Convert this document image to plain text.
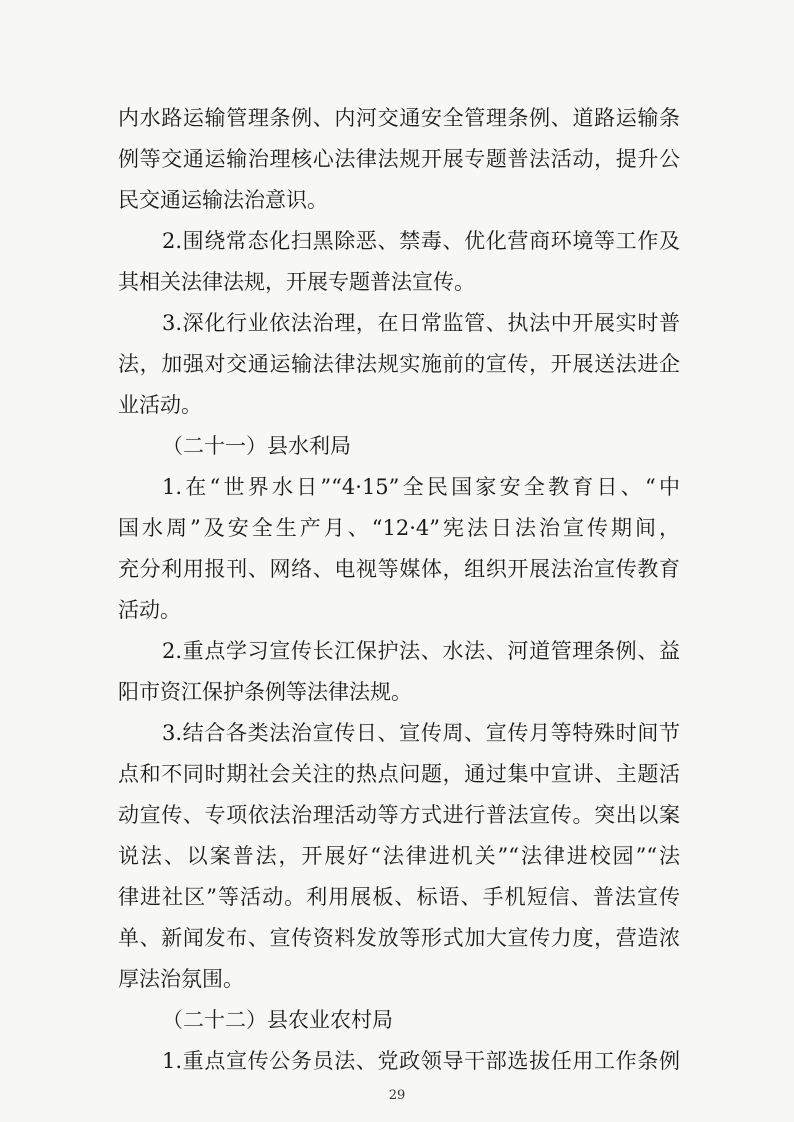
内水路运输管理条例、内河交通安全管理条例、道路运输条
例等交通运输治理核心法律法规开展专题普法活动，提升公
民交通运输法治意识。
2.围绕常态化扫黑除恶、禁毒、优化营商环境等工作及
其相关法律法规，开展专题普法宣传。
3.深化行业依法治理，在日常监管、执法中开展实时普
法，加强对交通运输法律法规实施前的宣传，开展送法进企
业活动。
（二十一）县水利局
1.在“世界水日”“4·15”全民国家安全教育日、“中
国水周”及安全生产月、“12·4”宪法日法治宣传期间，
充分利用报刊、网络、电视等媒体，组织开展法治宣传教育
活动。
2.重点学习宣传长江保护法、水法、河道管理条例、益
阳市资江保护条例等法律法规。
3.结合各类法治宣传日、宣传周、宣传月等特殊时间节
点和不同时期社会关注的热点问题，通过集中宣讲、主题活
动宣传、专项依法治理活动等方式进行普法宣传。突出以案
说法、以案普法，开展好“法律进机关”“法律进校园”“法
律进社区”等活动。利用展板、标语、手机短信、普法宣传
单、新闻发布、宣传资料发放等形式加大宣传力度，营造浓
厚法治氛围。
（二十二）县农业农村局
1.重点宣传公务员法、党政领导干部选拔任用工作条例
29
